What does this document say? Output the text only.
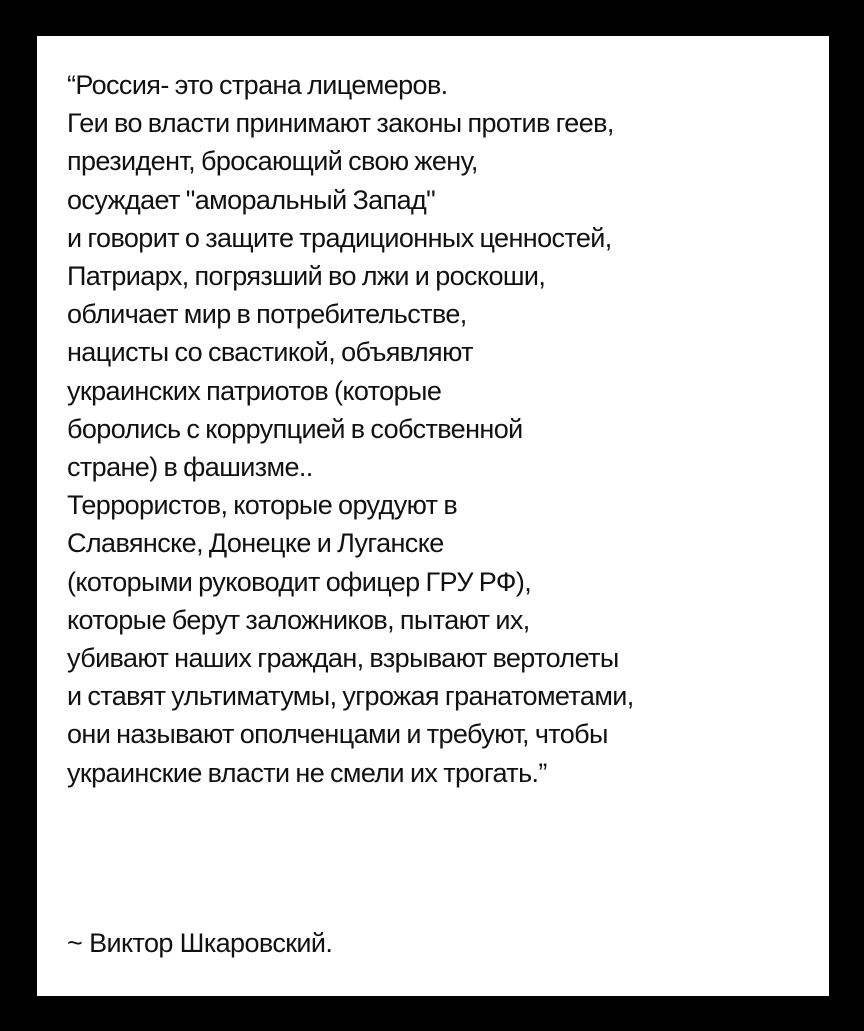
“Россия- это страна лицемеров.
Геи во власти принимают законы против геев,
президент, бросающий свою жену,
осуждает "аморальный Запад"
и говорит о защите традиционных ценностей,
Патриарх, погрязший во лжи и роскоши,
обличает мир в потребительстве,
нацисты со свастикой, объявляют
украинских патриотов (которые
боролись с коррупцией в собственной
стране) в фашизме..
Террористов, которые орудуют в
Славянске, Донецке и Луганске
(которыми руководит офицер ГРУ РФ),
которые берут заложников, пытают их,
убивают наших граждан, взрывают вертолеты
и ставят ультиматумы, угрожая гранатометами,
они называют ополченцами и требуют, чтобы
украинские власти не смели их трогать.”

~ Виктор Шкаровский.
